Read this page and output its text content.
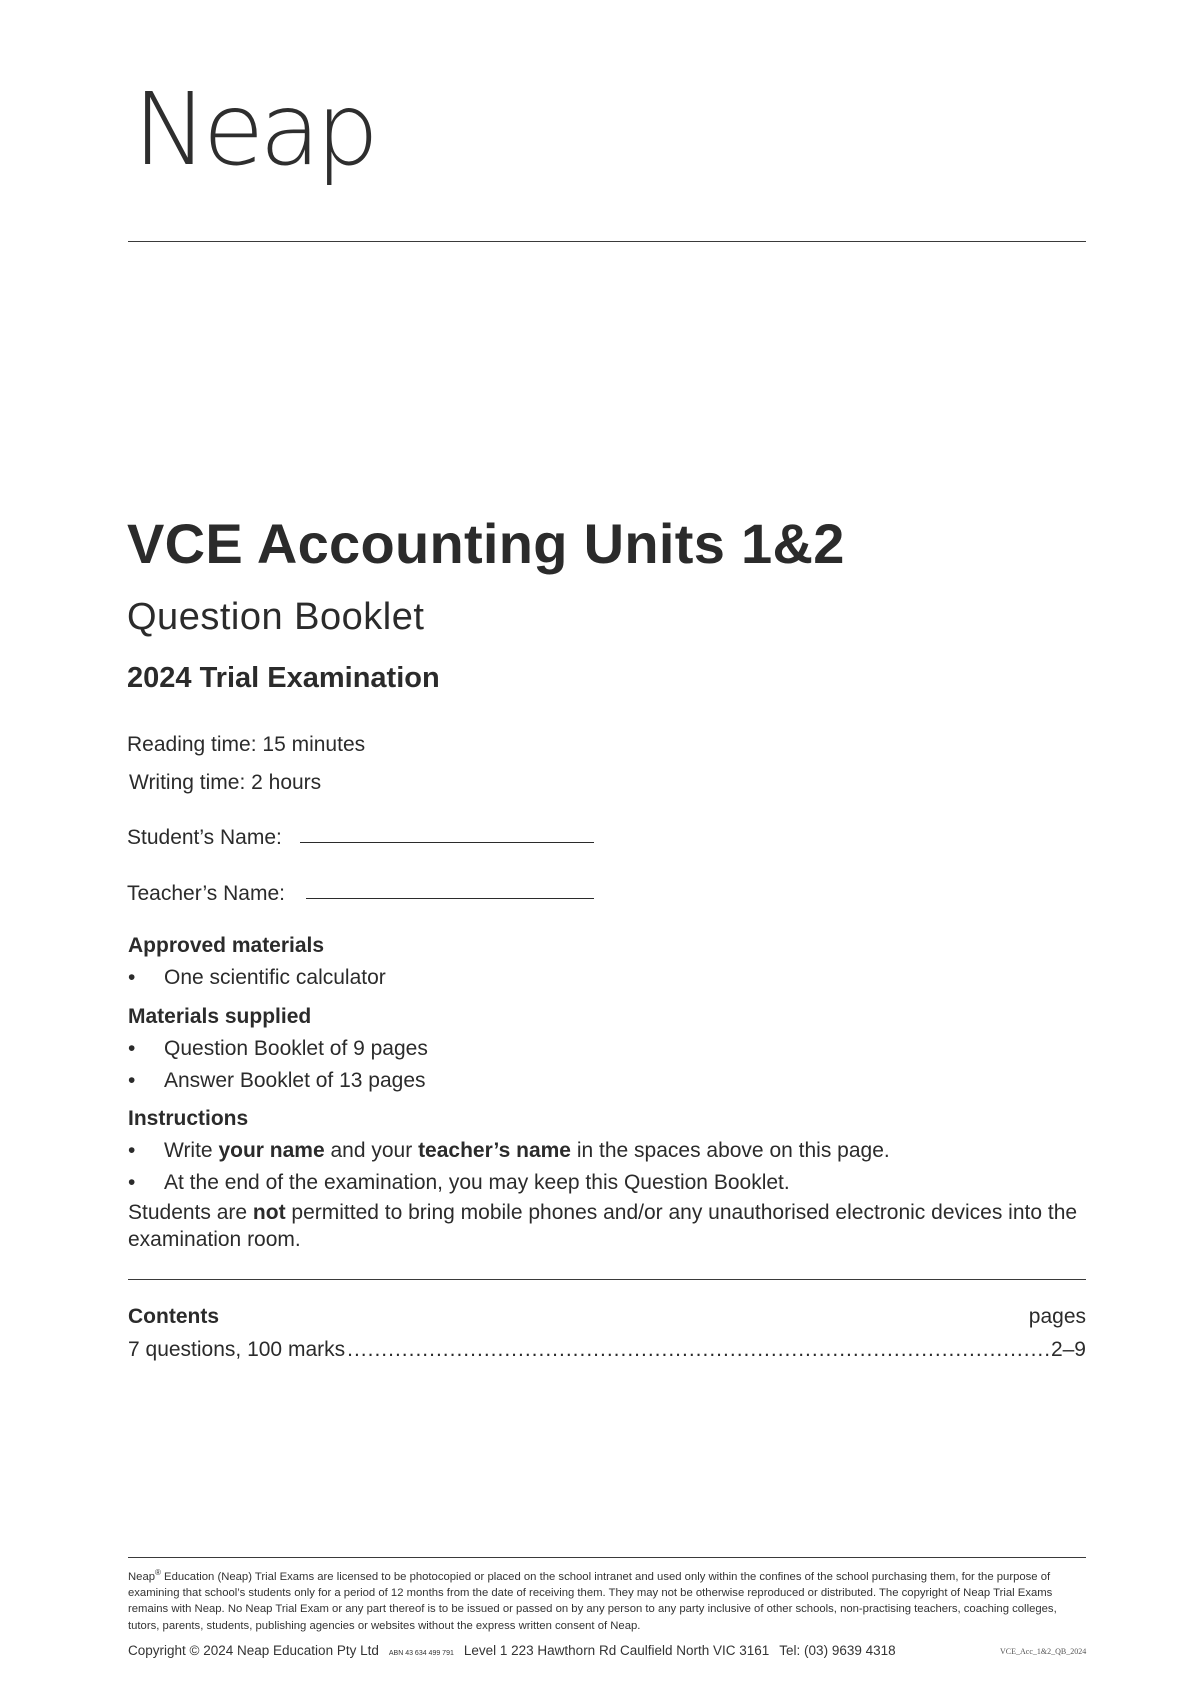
Neap
VCE Accounting Units 1&2
Question Booklet
2024 Trial Examination
Reading time: 15 minutes
Writing time: 2 hours
Student’s Name:
Teacher’s Name:
Approved materials
• One scientific calculator
Materials supplied
• Question Booklet of 9 pages
• Answer Booklet of 13 pages
Instructions
• Write your name and your teacher’s name in the spaces above on this page.
• At the end of the examination, you may keep this Question Booklet.
Students are not permitted to bring mobile phones and/or any unauthorised electronic devices into the examination room.
Contents	pages
7 questions, 100 marks .....	2–9
Neap® Education (Neap) Trial Exams are licensed to be photocopied or placed on the school intranet and used only within the confines of the school purchasing them, for the purpose of examining that school’s students only for a period of 12 months from the date of receiving them. They may not be otherwise reproduced or distributed. The copyright of Neap Trial Exams remains with Neap. No Neap Trial Exam or any part thereof is to be issued or passed on by any person to any party inclusive of other schools, non-practising teachers, coaching colleges, tutors, parents, students, publishing agencies or websites without the express written consent of Neap.
Copyright © 2024 Neap Education Pty Ltd ABN 43 634 499 791 Level 1 223 Hawthorn Rd Caulfield North VIC 3161 Tel: (03) 9639 4318	VCE_Acc_1&2_QB_2024
